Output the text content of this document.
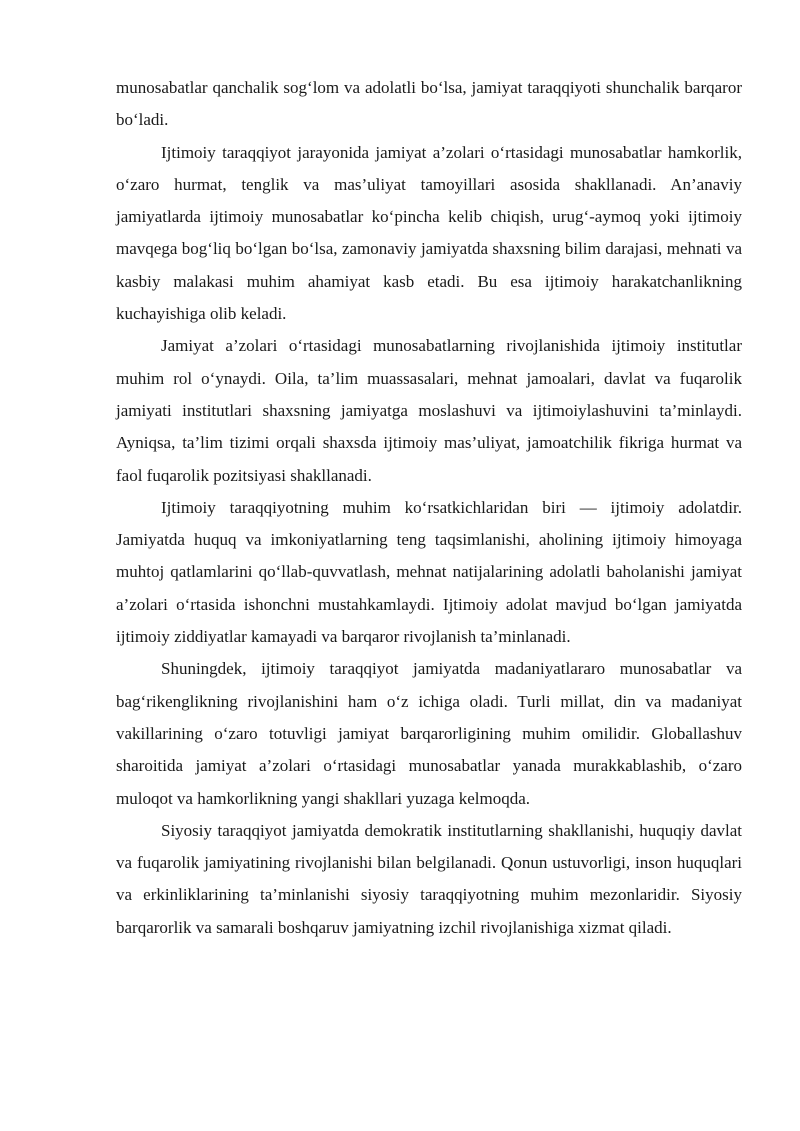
munosabatlar qanchalik sog‘lom va adolatli bo‘lsa, jamiyat taraqqiyoti shunchalik barqaror bo‘ladi.

Ijtimoiy taraqqiyot jarayonida jamiyat a’zolari o‘rtasidagi munosabatlar hamkorlik, o‘zaro hurmat, tenglik va mas’uliyat tamoyillari asosida shakllanadi. An’anaviy jamiyatlarda ijtimoiy munosabatlar ko‘pincha kelib chiqish, urug‘-aymoq yoki ijtimoiy mavqega bog‘liq bo‘lgan bo‘lsa, zamonaviy jamiyatda shaxsning bilim darajasi, mehnati va kasbiy malakasi muhim ahamiyat kasb etadi. Bu esa ijtimoiy harakatchanlikning kuchayishiga olib keladi.

Jamiyat a’zolari o‘rtasidagi munosabatlarning rivojlanishida ijtimoiy institutlar muhim rol o‘ynaydi. Oila, ta’lim muassasalari, mehnat jamoalari, davlat va fuqarolik jamiyati institutlari shaxsning jamiyatga moslashuvi va ijtimoiylashuvini ta’minlaydi. Ayniqsa, ta’lim tizimi orqali shaxsda ijtimoiy mas’uliyat, jamoatchilik fikriga hurmat va faol fuqarolik pozitsiyasi shakllanadi.

Ijtimoiy taraqqiyotning muhim ko‘rsatkichlaridan biri — ijtimoiy adolatdir. Jamiyatda huquq va imkoniyatlarning teng taqsimlanishi, aholining ijtimoiy himoyaga muhtoj qatlamlarini qo‘llab-quvvatlash, mehnat natijalarining adolatli baholanishi jamiyat a’zolari o‘rtasida ishonchni mustahkamlaydi. Ijtimoiy adolat mavjud bo‘lgan jamiyatda ijtimoiy ziddiyatlar kamayadi va barqaror rivojlanish ta’minlanadi.

Shuningdek, ijtimoiy taraqqiyot jamiyatda madaniyatlararo munosabatlar va bag‘rikenglikning rivojlanishini ham o‘z ichiga oladi. Turli millat, din va madaniyat vakillarining o‘zaro totuvligi jamiyat barqarorligining muhim omilidir. Globallashuv sharoitida jamiyat a’zolari o‘rtasidagi munosabatlar yanada murakkablashib, o‘zaro muloqot va hamkorlikning yangi shakllari yuzaga kelmoqda.

Siyosiy taraqqiyot jamiyatda demokratik institutlarning shakllanishi, huquqiy davlat va fuqarolik jamiyatining rivojlanishi bilan belgilanadi. Qonun ustuvorligi, inson huquqlari va erkinliklarining ta’minlanishi siyosiy taraqqiyotning muhim mezonlaridir. Siyosiy barqarorlik va samarali boshqaruv jamiyatning izchil rivojlanishiga xizmat qiladi.
